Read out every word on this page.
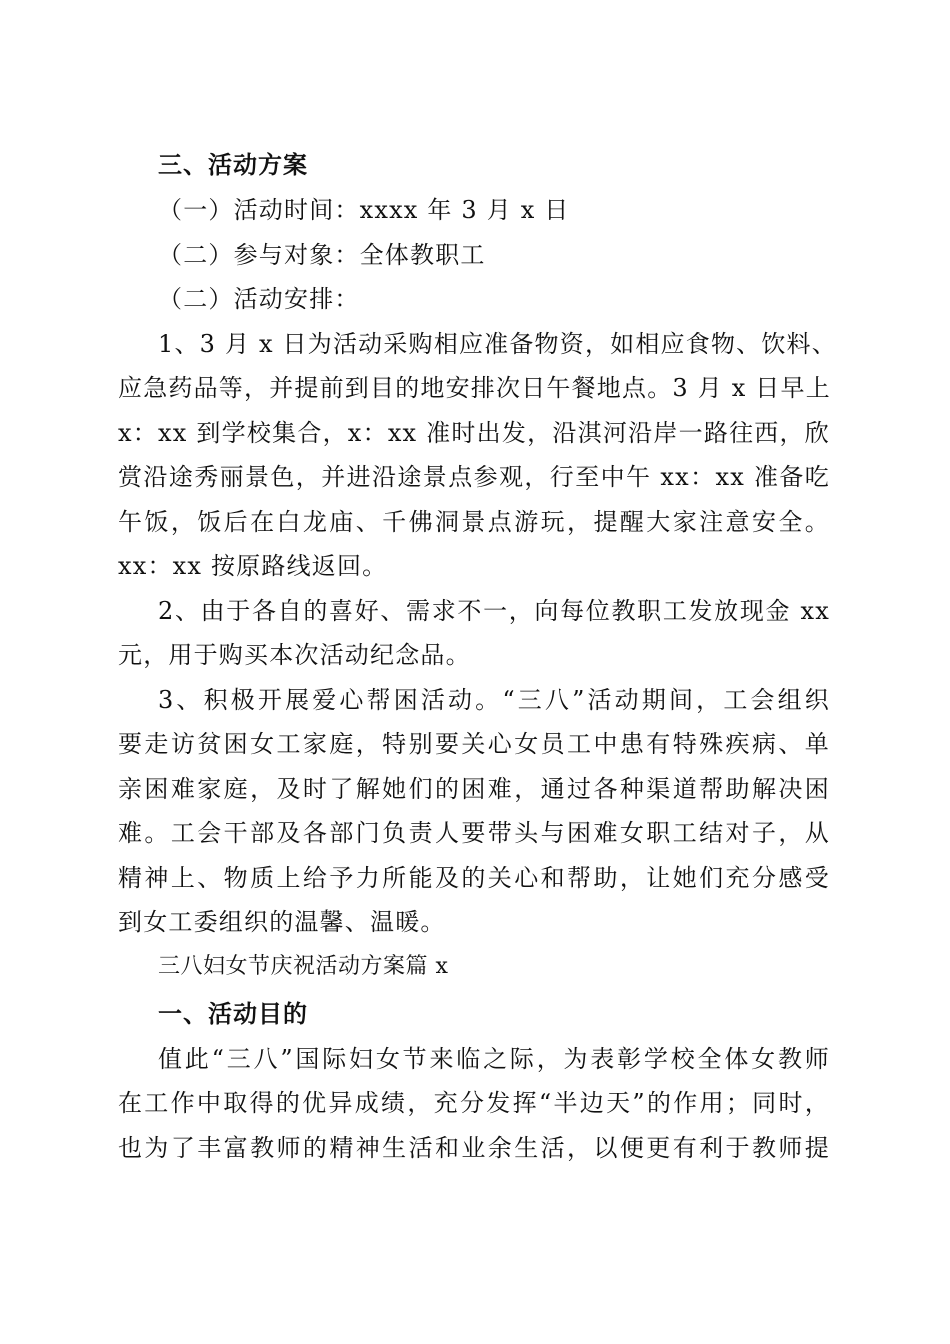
三、活动方案
（一）活动时间：xxxx 年 3 月 x 日
（二）参与对象：全体教职工
（二）活动安排：
1、3 月 x 日为活动采购相应准备物资，如相应食物、饮料、
应急药品等，并提前到目的地安排次日午餐地点。3 月 x 日早上
x：xx 到学校集合，x：xx 准时出发，沿淇河沿岸一路往西，欣
赏沿途秀丽景色，并进沿途景点参观，行至中午 xx：xx 准备吃
午饭，饭后在白龙庙、千佛洞景点游玩，提醒大家注意安全。
xx：xx 按原路线返回。
2、由于各自的喜好、需求不一，向每位教职工发放现金 xx
元，用于购买本次活动纪念品。
3、积极开展爱心帮困活动。“三八”活动期间，工会组织
要走访贫困女工家庭，特别要关心女员工中患有特殊疾病、单
亲困难家庭，及时了解她们的困难，通过各种渠道帮助解决困
难。工会干部及各部门负责人要带头与困难女职工结对子，从
精神上、物质上给予力所能及的关心和帮助，让她们充分感受
到女工委组织的温馨、温暖。
三八妇女节庆祝活动方案篇 x
一、活动目的
值此“三八”国际妇女节来临之际，为表彰学校全体女教师
在工作中取得的优异成绩，充分发挥“半边天”的作用；同时，
也为了丰富教师的精神生活和业余生活，以便更有利于教师提
